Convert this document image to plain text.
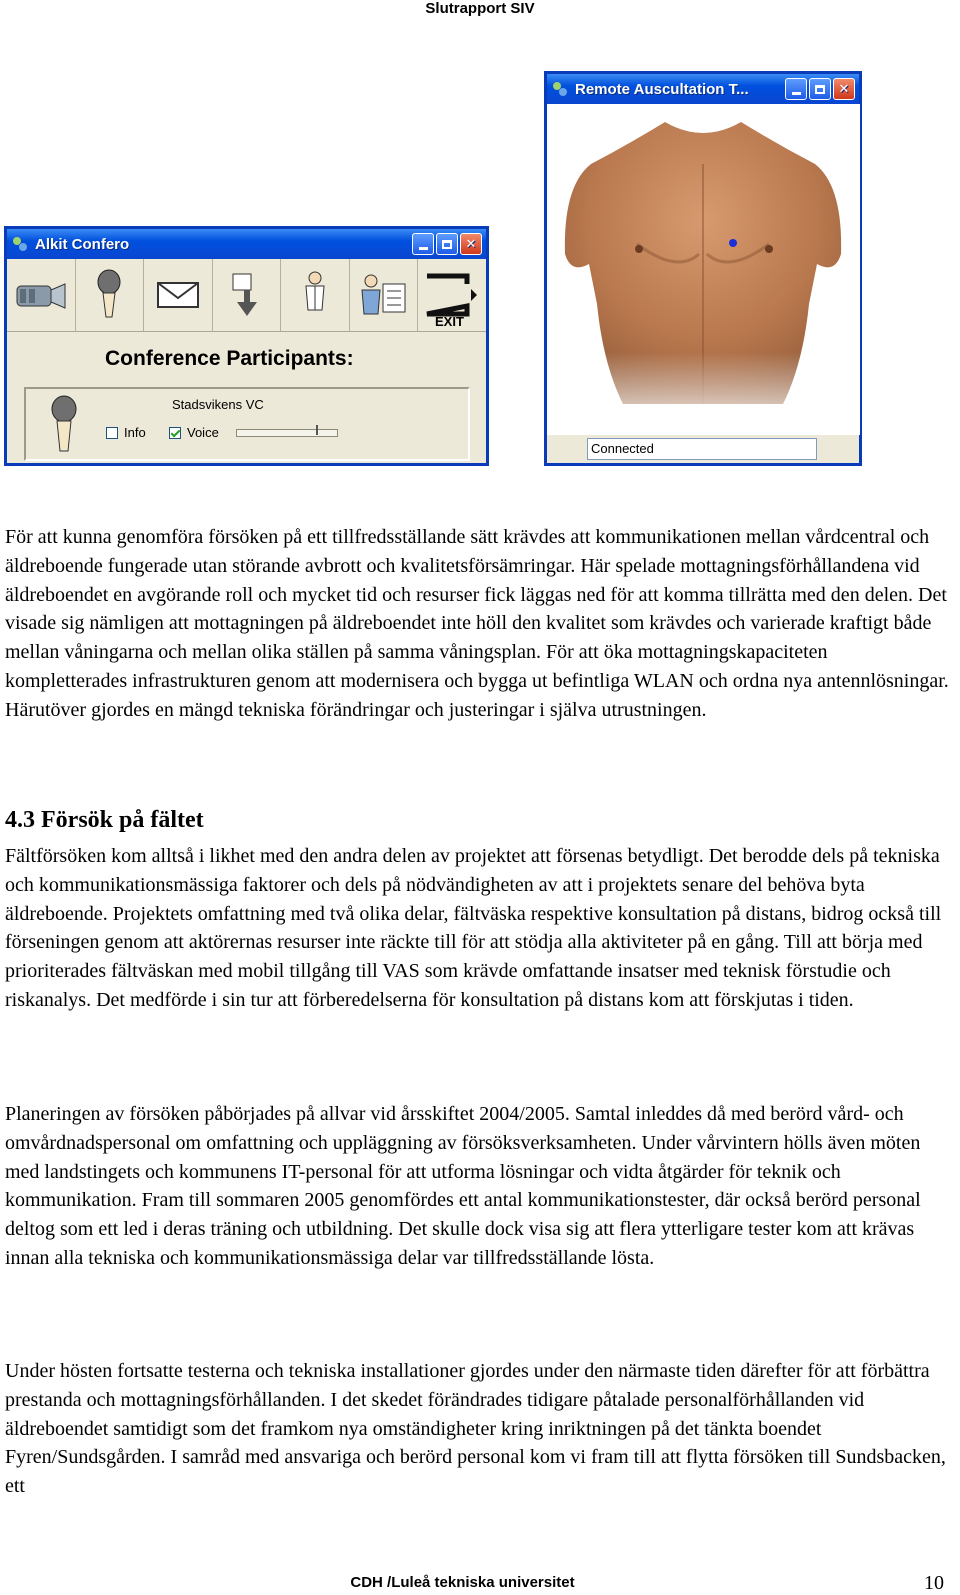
Slutrapport SIV
Alkit Confero	✕
EXIT
Conference Participants:
Stadsvikens VC
Info	Voice
Remote Auscultation T...	✕
Connected

För att kunna genomföra försöken på ett tillfredsställande sätt krävdes att kommunikationen mellan vårdcentral och äldreboende fungerade utan störande avbrott och kvalitetsförsämringar. Här spelade mottagningsförhållandena vid äldreboendet en avgörande roll och mycket tid och resurser fick läggas ned för att komma tillrätta med den delen. Det visade sig nämligen att mottagningen på äldreboendet inte höll den kvalitet som krävdes och varierade kraftigt både mellan våningarna och mellan olika ställen på samma våningsplan. För att öka mottagningskapaciteten kompletterades infrastrukturen genom att modernisera och bygga ut befintliga WLAN och ordna nya antennlösningar. Härutöver gjordes en mängd tekniska förändringar och justeringar i själva utrustningen.

4.3 Försök på fältet

Fältförsöken kom alltså i likhet med den andra delen av projektet att försenas betydligt. Det berodde dels på tekniska och kommunikationsmässiga faktorer och dels på nödvändigheten av att i projektets senare del behöva byta äldreboende. Projektets omfattning med två olika delar, fältväska respektive konsultation på distans, bidrog också till förseningen genom att aktörernas resurser inte räckte till för att stödja alla aktiviteter på en gång. Till att börja med prioriterades fältväskan med mobil tillgång till VAS som krävde omfattande insatser med teknisk förstudie och riskanalys. Det medförde i sin tur att förberedelserna för konsultation på distans kom att förskjutas i tiden.

Planeringen av försöken påbörjades på allvar vid årsskiftet 2004/2005. Samtal inleddes då med berörd vård- och omvårdnadspersonal om omfattning och uppläggning av försöksverksamheten. Under vårvintern hölls även möten med landstingets och kommunens IT-personal för att utforma lösningar och vidta åtgärder för teknik och kommunikation. Fram till sommaren 2005 genomfördes ett antal kommunikationstester, där också berörd personal deltog som ett led i deras träning och utbildning. Det skulle dock visa sig att flera ytterligare tester kom att krävas innan alla tekniska och kommunikationsmässiga delar var tillfredsställande lösta.

Under hösten fortsatte testerna och tekniska installationer gjordes under den närmaste tiden därefter för att förbättra prestanda och mottagningsförhållanden. I det skedet förändrades tidigare påtalade personalförhållanden vid äldreboendet samtidigt som det framkom nya omständigheter kring inriktningen på det tänkta boendet Fyren/Sundsgården. I samråd med ansvariga och berörd personal kom vi fram till att flytta försöken till Sundsbacken, ett

CDH /Luleå tekniska universitet	10
